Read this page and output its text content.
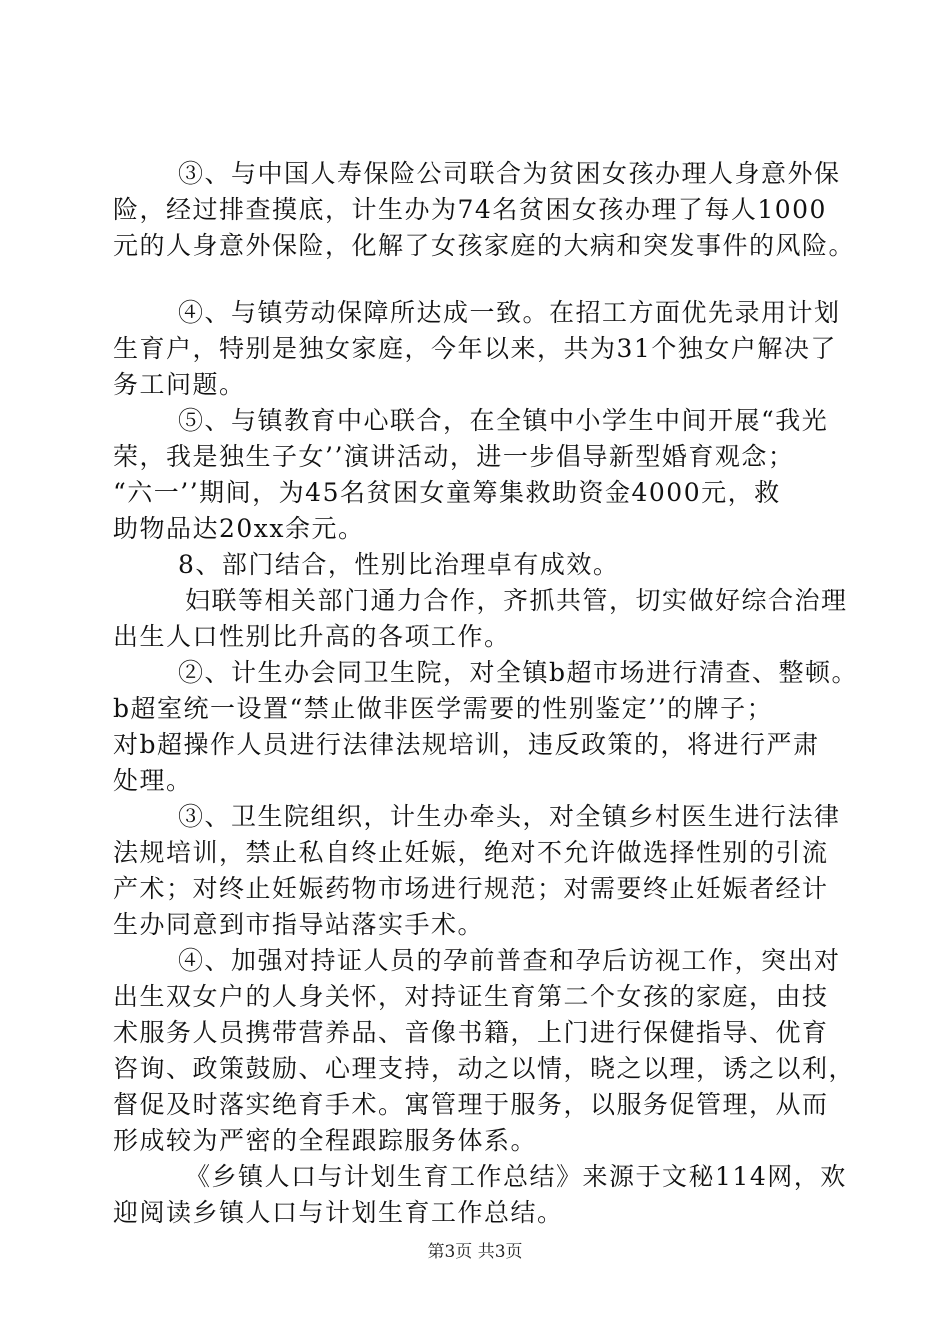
③、与中国人寿保险公司联合为贫困女孩办理人身意外保
险，经过排查摸底，计生办为74名贫困女孩办理了每人1000
元的人身意外保险，化解了女孩家庭的大病和突发事件的风险。
④、与镇劳动保障所达成一致。在招工方面优先录用计划
生育户，特别是独女家庭，今年以来，共为31个独女户解决了
务工问题。
⑤、与镇教育中心联合，在全镇中小学生中间开展“我光
荣，我是独生子女’’演讲活动，进一步倡导新型婚育观念；
“六一’’期间，为45名贫困女童筹集救助资金4000元，救
助物品达20xx余元。
8、部门结合，性别比治理卓有成效。
妇联等相关部门通力合作，齐抓共管，切实做好综合治理
出生人口性别比升高的各项工作。
②、计生办会同卫生院，对全镇b超市场进行清查、整顿。
b超室统一设置“禁止做非医学需要的性别鉴定’’的牌子；
对b超操作人员进行法律法规培训，违反政策的，将进行严肃
处理。
③、卫生院组织，计生办牵头，对全镇乡村医生进行法律
法规培训，禁止私自终止妊娠，绝对不允许做选择性别的引流
产术；对终止妊娠药物市场进行规范；对需要终止妊娠者经计
生办同意到市指导站落实手术。
④、加强对持证人员的孕前普查和孕后访视工作，突出对
出生双女户的人身关怀，对持证生育第二个女孩的家庭，由技
术服务人员携带营养品、音像书籍，上门进行保健指导、优育
咨询、政策鼓励、心理支持，动之以情，晓之以理，诱之以利，
督促及时落实绝育手术。寓管理于服务，以服务促管理，从而
形成较为严密的全程跟踪服务体系。
《乡镇人口与计划生育工作总结》来源于文秘114网，欢
迎阅读乡镇人口与计划生育工作总结。
第3页 共3页
